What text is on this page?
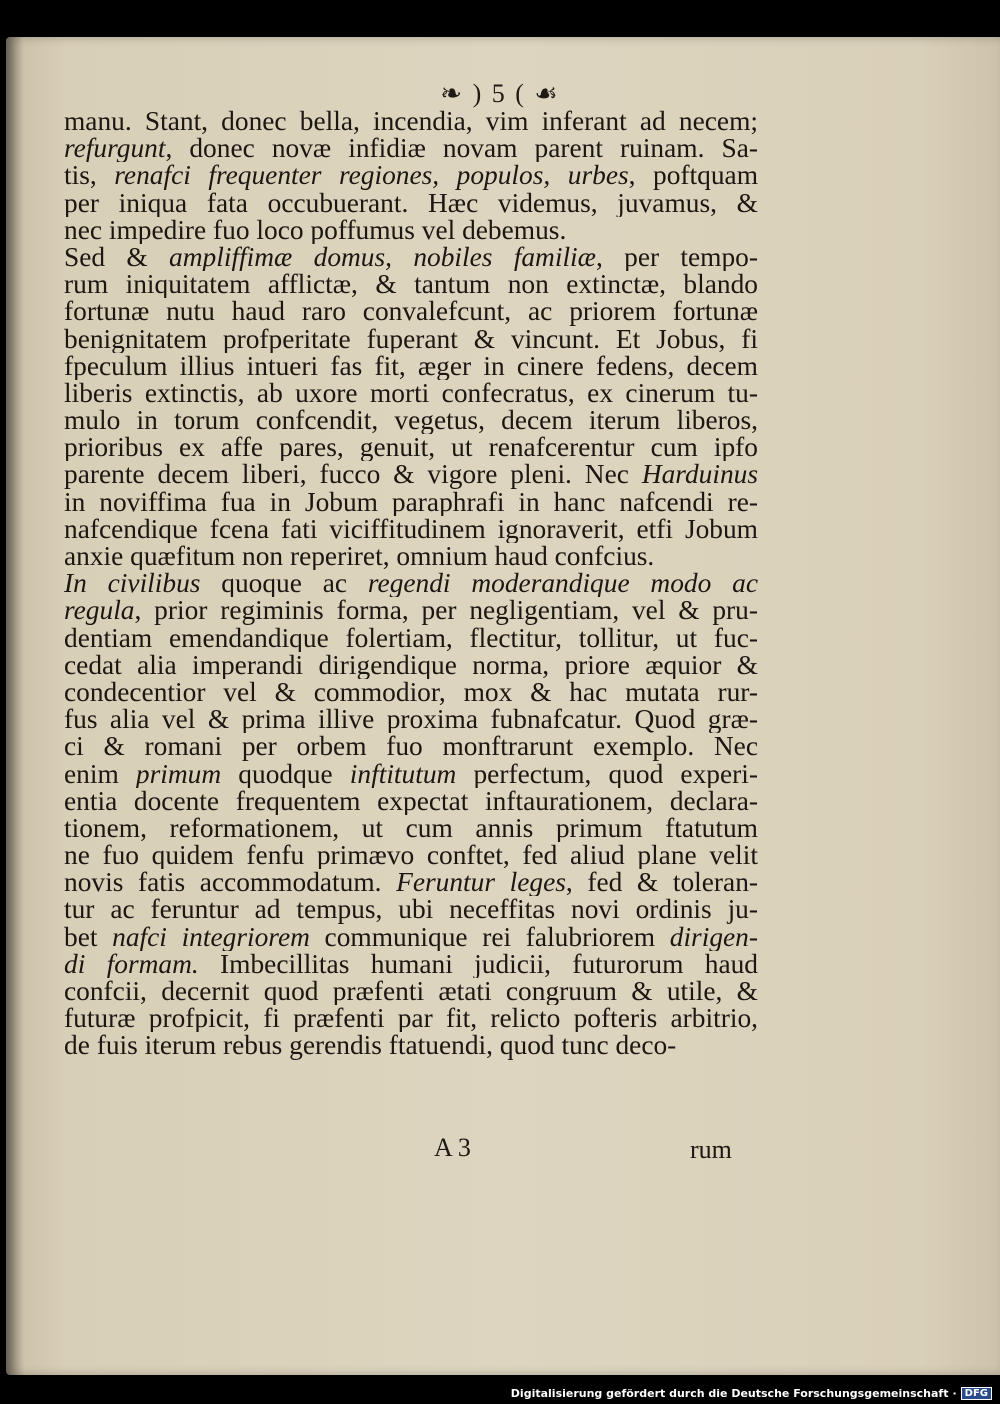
❧ ) 5 ( ☙
manu. Stant, donec bella, incendia, vim inferant ad necem;
refurgunt, donec novæ infidiæ novam parent ruinam. Sa-
tis, renafci frequenter regiones, populos, urbes, poftquam
per iniqua fata occubuerant. Hæc videmus, juvamus, &
nec impedire fuo loco poffumus vel debemus.
Sed & ampliffimæ domus, nobiles familiæ, per tempo-
rum iniquitatem afflictæ, & tantum non extinctæ, blando
fortunæ nutu haud raro convalefcunt, ac priorem fortunæ
benignitatem profperitate fuperant & vincunt. Et Jobus, fi
fpeculum illius intueri fas fit, æger in cinere fedens, decem
liberis extinctis, ab uxore morti confecratus, ex cinerum tu-
mulo in torum confcendit, vegetus, decem iterum liberos,
prioribus ex affe pares, genuit, ut renafcerentur cum ipfo
parente decem liberi, fucco & vigore pleni. Nec Harduinus
in noviffima fua in Jobum paraphrafi in hanc nafcendi re-
nafcendique fcena fati viciffitudinem ignoraverit, etfi Jobum
anxie quæfitum non reperiret, omnium haud confcius.
In civilibus quoque ac regendi moderandique modo ac
regula, prior regiminis forma, per negligentiam, vel & pru-
dentiam emendandique folertiam, flectitur, tollitur, ut fuc-
cedat alia imperandi dirigendique norma, priore æquior &
condecentior vel & commodior, mox & hac mutata rur-
fus alia vel & prima illive proxima fubnafcatur. Quod græ-
ci & romani per orbem fuo monftrarunt exemplo. Nec
enim primum quodque inftitutum perfectum, quod experi-
entia docente frequentem expectat inftaurationem, declara-
tionem, reformationem, ut cum annis primum ftatutum
ne fuo quidem fenfu primævo conftet, fed aliud plane velit
novis fatis accommodatum. Feruntur leges, fed & toleran-
tur ac feruntur ad tempus, ubi neceffitas novi ordinis ju-
bet nafci integriorem communique rei falubriorem dirigen-
di formam. Imbecillitas humani judicii, futurorum haud
confcii, decernit quod præfenti ætati congruum & utile, &
futuræ profpicit, fi præfenti par fit, relicto pofteris arbitrio,
de fuis iterum rebus gerendis ftatuendi, quod tunc deco-
A 3	rum
Digitalisierung gefördert durch die Deutsche Forschungsgemeinschaft · DFG
